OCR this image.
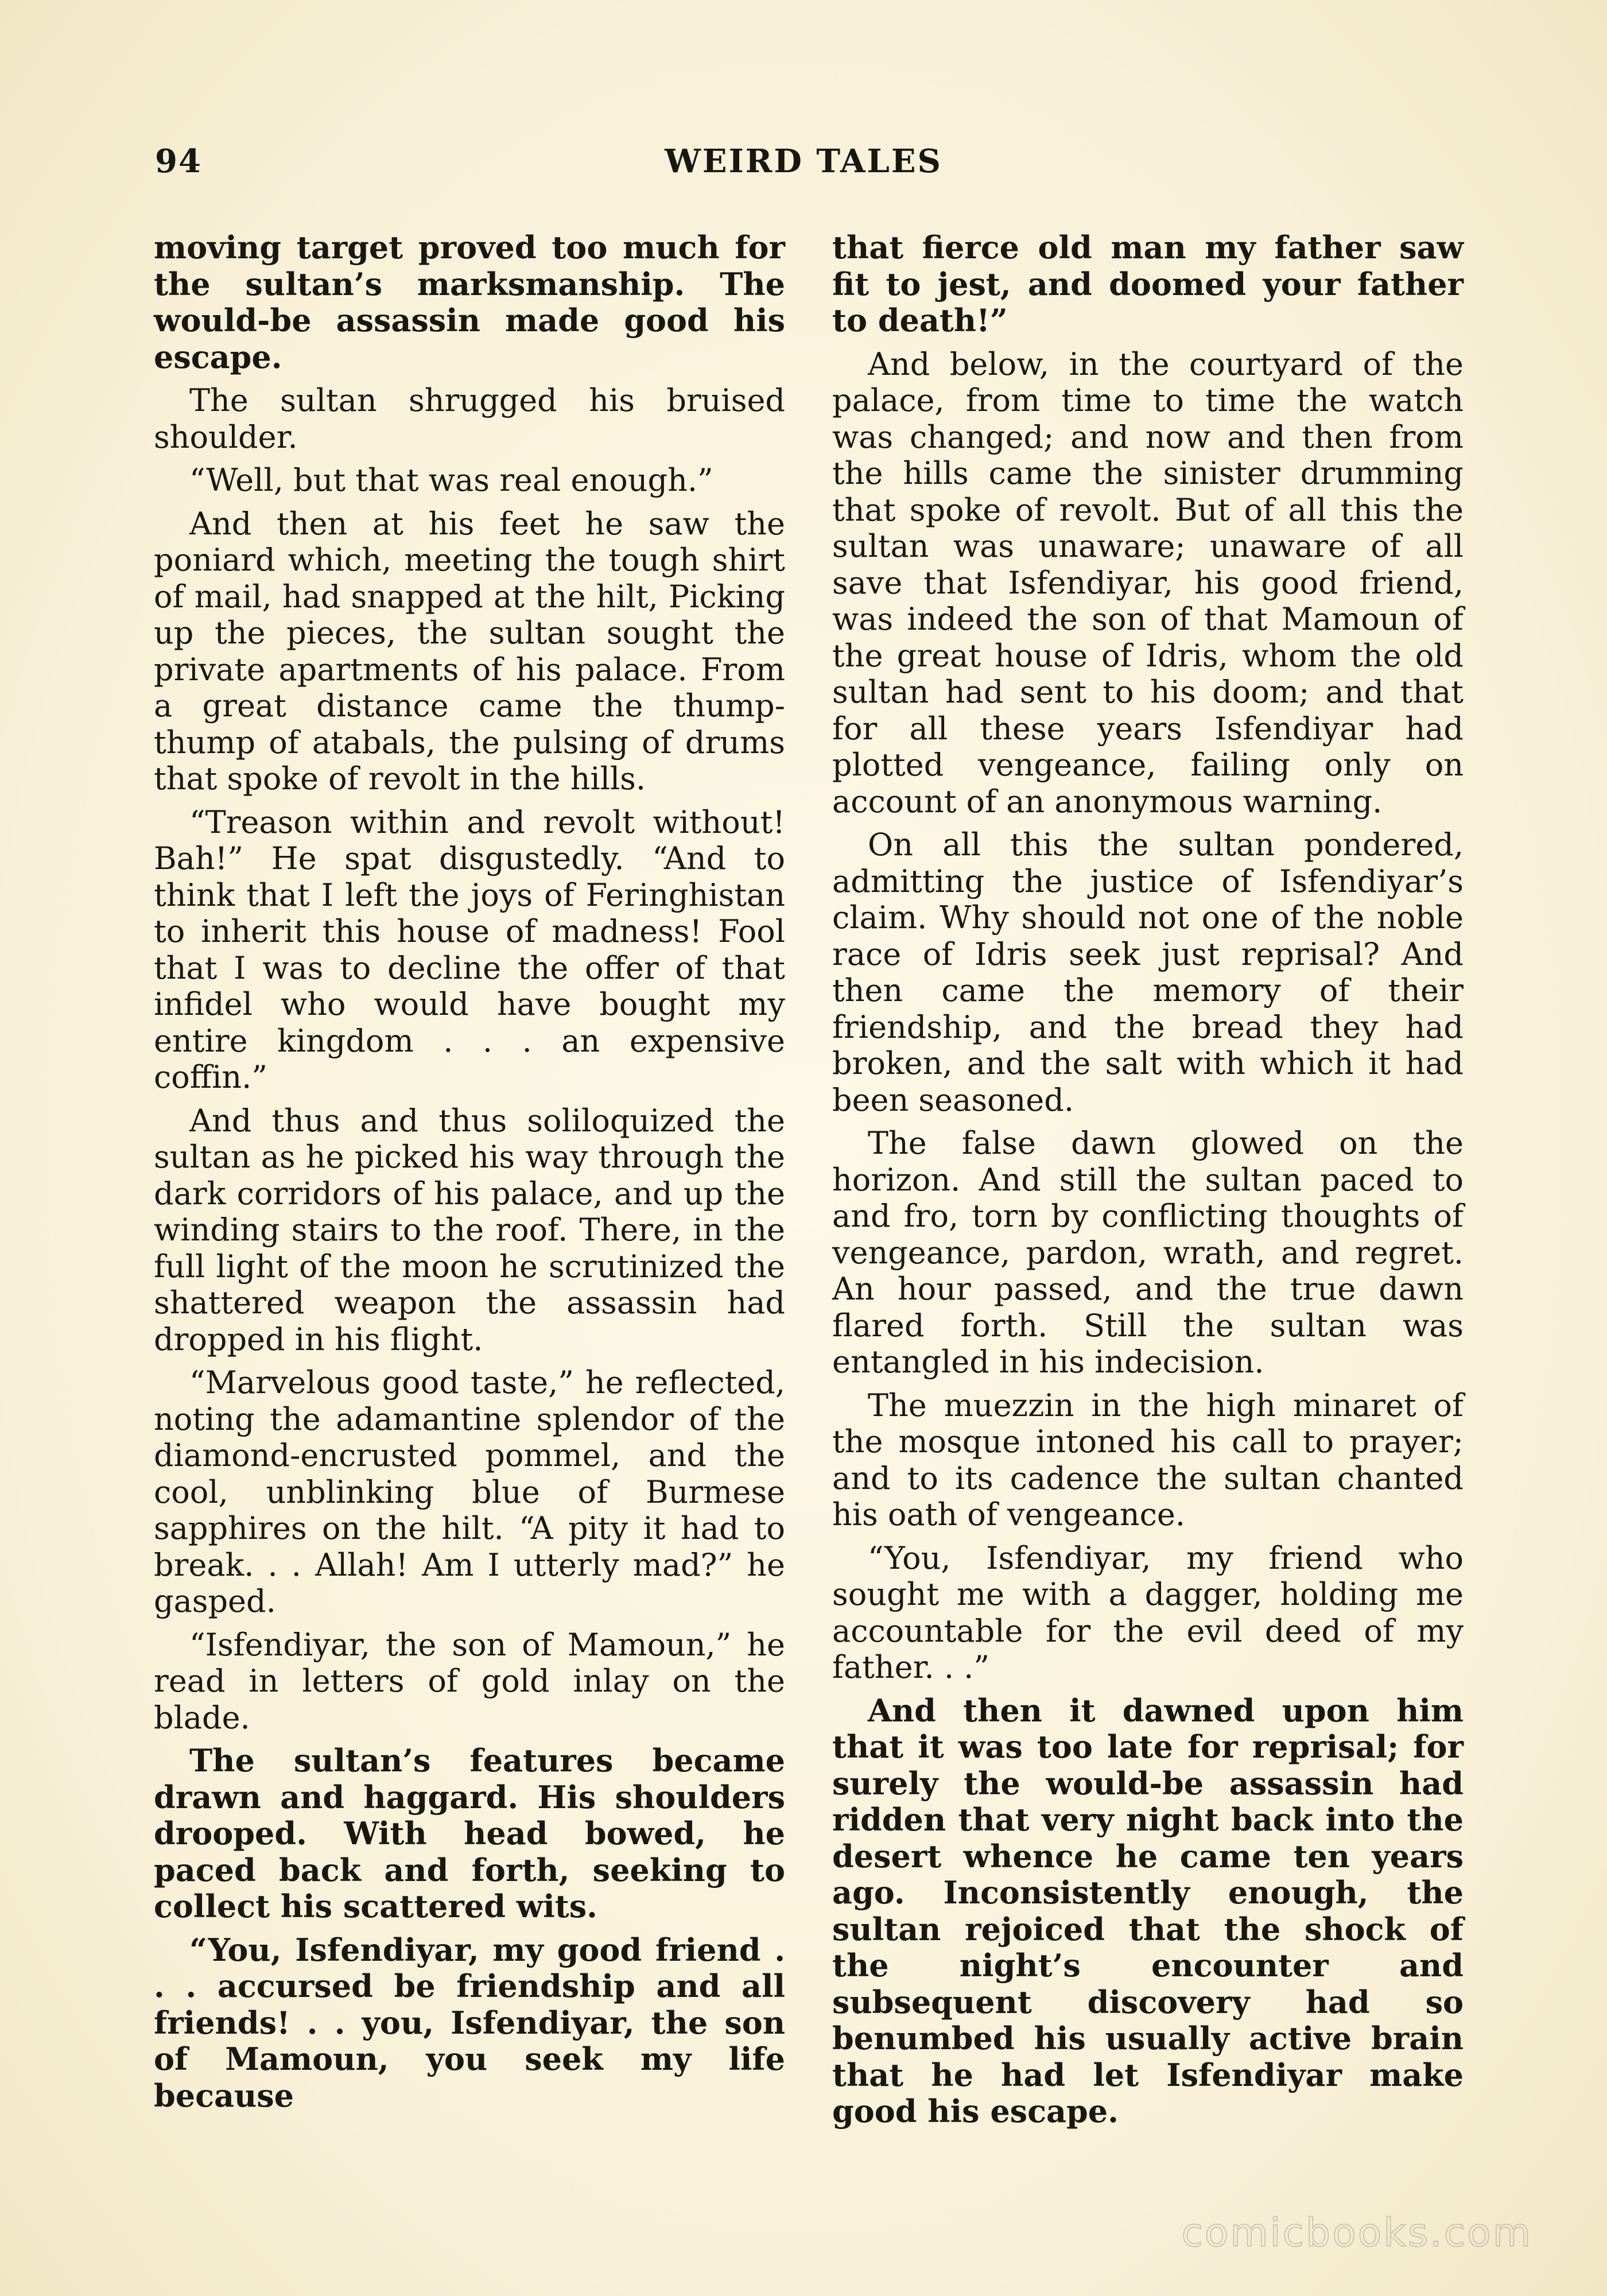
94	WEIRD TALES

moving target proved too much for the sultan’s marksmanship. The would-be assassin made good his escape.

The sultan shrugged his bruised shoulder.

“Well, but that was real enough.”

And then at his feet he saw the poniard which, meeting the tough shirt of mail, had snapped at the hilt, Picking up the pieces, the sultan sought the private apartments of his palace. From a great distance came the thump-thump of atabals, the pulsing of drums that spoke of revolt in the hills.

“Treason within and revolt without! Bah!” He spat disgustedly. “And to think that I left the joys of Feringhistan to inherit this house of madness! Fool that I was to decline the offer of that infidel who would have bought my entire kingdom . . . an expensive coffin.”

And thus and thus soliloquized the sultan as he picked his way through the dark corridors of his palace, and up the winding stairs to the roof. There, in the full light of the moon he scrutinized the shattered weapon the assassin had dropped in his flight.

“Marvelous good taste,” he reflected, noting the adamantine splendor of the diamond-encrusted pommel, and the cool, unblinking blue of Burmese sapphires on the hilt. “A pity it had to break. . . Allah! Am I utterly mad?” he gasped.

“Isfendiyar, the son of Mamoun,” he read in letters of gold inlay on the blade.

The sultan’s features became drawn and haggard. His shoulders drooped. With head bowed, he paced back and forth, seeking to collect his scattered wits.

“You, Isfendiyar, my good friend . . . accursed be friendship and all friends! . . you, Isfendiyar, the son of Mamoun, you seek my life because

that fierce old man my father saw fit to jest, and doomed your father to death!”

And below, in the courtyard of the palace, from time to time the watch was changed; and now and then from the hills came the sinister drumming that spoke of revolt. But of all this the sultan was unaware; unaware of all save that Isfendiyar, his good friend, was indeed the son of that Mamoun of the great house of Idris, whom the old sultan had sent to his doom; and that for all these years Isfendiyar had plotted vengeance, failing only on account of an anonymous warning.

On all this the sultan pondered, admitting the justice of Isfendiyar’s claim. Why should not one of the noble race of Idris seek just reprisal? And then came the memory of their friendship, and the bread they had broken, and the salt with which it had been seasoned.

The false dawn glowed on the horizon. And still the sultan paced to and fro, torn by conflicting thoughts of vengeance, pardon, wrath, and regret. An hour passed, and the true dawn flared forth. Still the sultan was entangled in his indecision.

The muezzin in the high minaret of the mosque intoned his call to prayer; and to its cadence the sultan chanted his oath of vengeance.

“You, Isfendiyar, my friend who sought me with a dagger, holding me accountable for the evil deed of my father. . .”

And then it dawned upon him that it was too late for reprisal; for surely the would-be assassin had ridden that very night back into the desert whence he came ten years ago. Inconsistently enough, the sultan rejoiced that the shock of the night’s encounter and subsequent discovery had so benumbed his usually active brain that he had let Isfendiyar make good his escape.

comicbooks.com
